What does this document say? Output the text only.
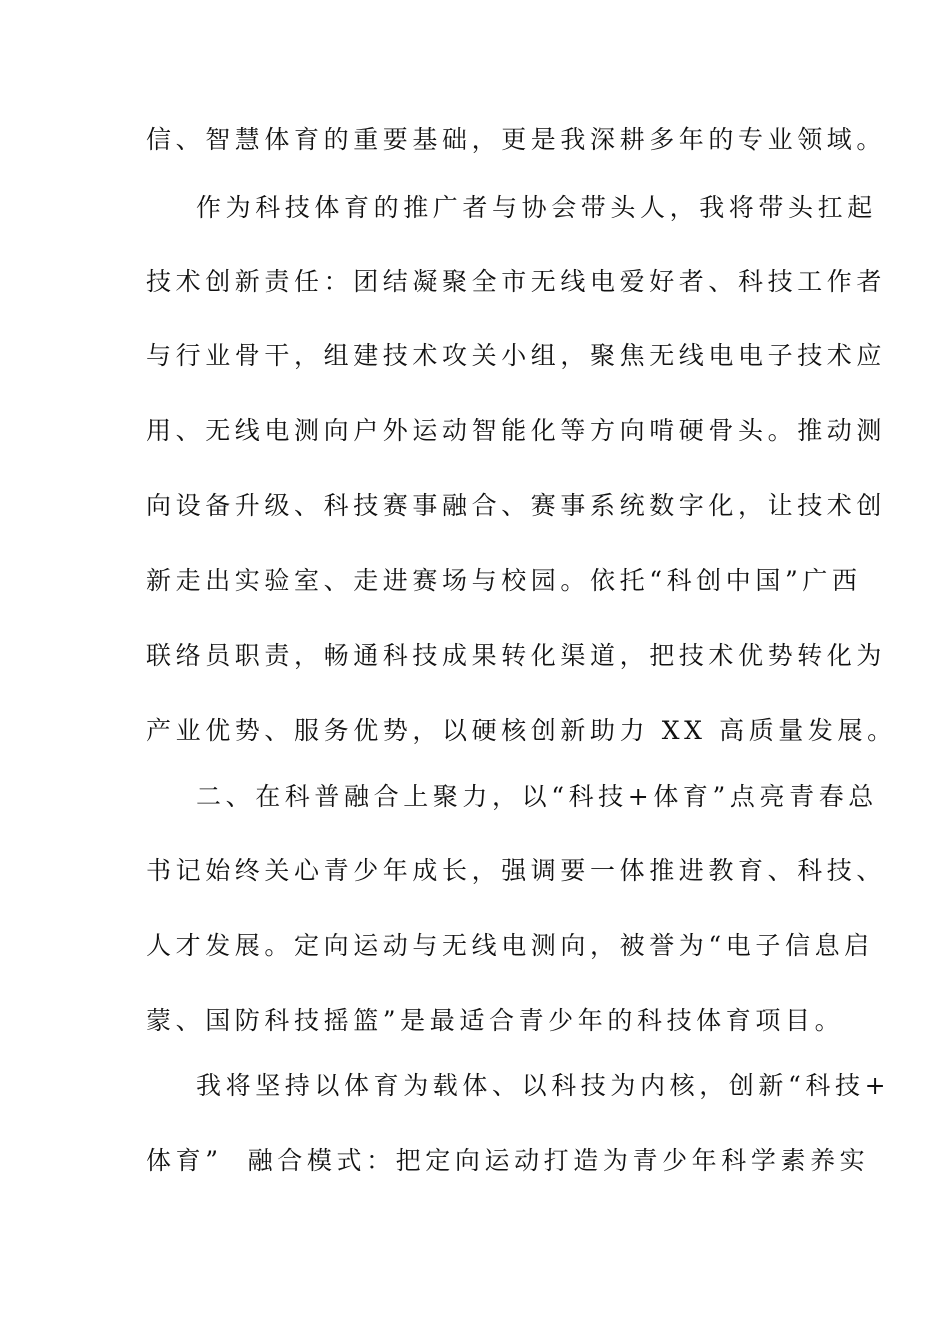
信、智慧体育的重要基础，更是我深耕多年的专业领域。
作为科技体育的推广者与协会带头人，我将带头扛起
技术创新责任：团结凝聚全市无线电爱好者、科技工作者
与行业骨干，组建技术攻关小组，聚焦无线电电子技术应
用、无线电测向户外运动智能化等方向啃硬骨头。推动测
向设备升级、科技赛事融合、赛事系统数字化，让技术创
新走出实验室、走进赛场与校园。依托“科创中国”广西
联络员职责，畅通科技成果转化渠道，把技术优势转化为
产业优势、服务优势，以硬核创新助力 XX 高质量发展。
二、在科普融合上聚力，以“科技+体育”点亮青春总
书记始终关心青少年成长，强调要一体推进教育、科技、
人才发展。定向运动与无线电测向，被誉为“电子信息启
蒙、国防科技摇篮”是最适合青少年的科技体育项目。
我将坚持以体育为载体、以科技为内核，创新“科技+
体育”  融合模式：把定向运动打造为青少年科学素养实
